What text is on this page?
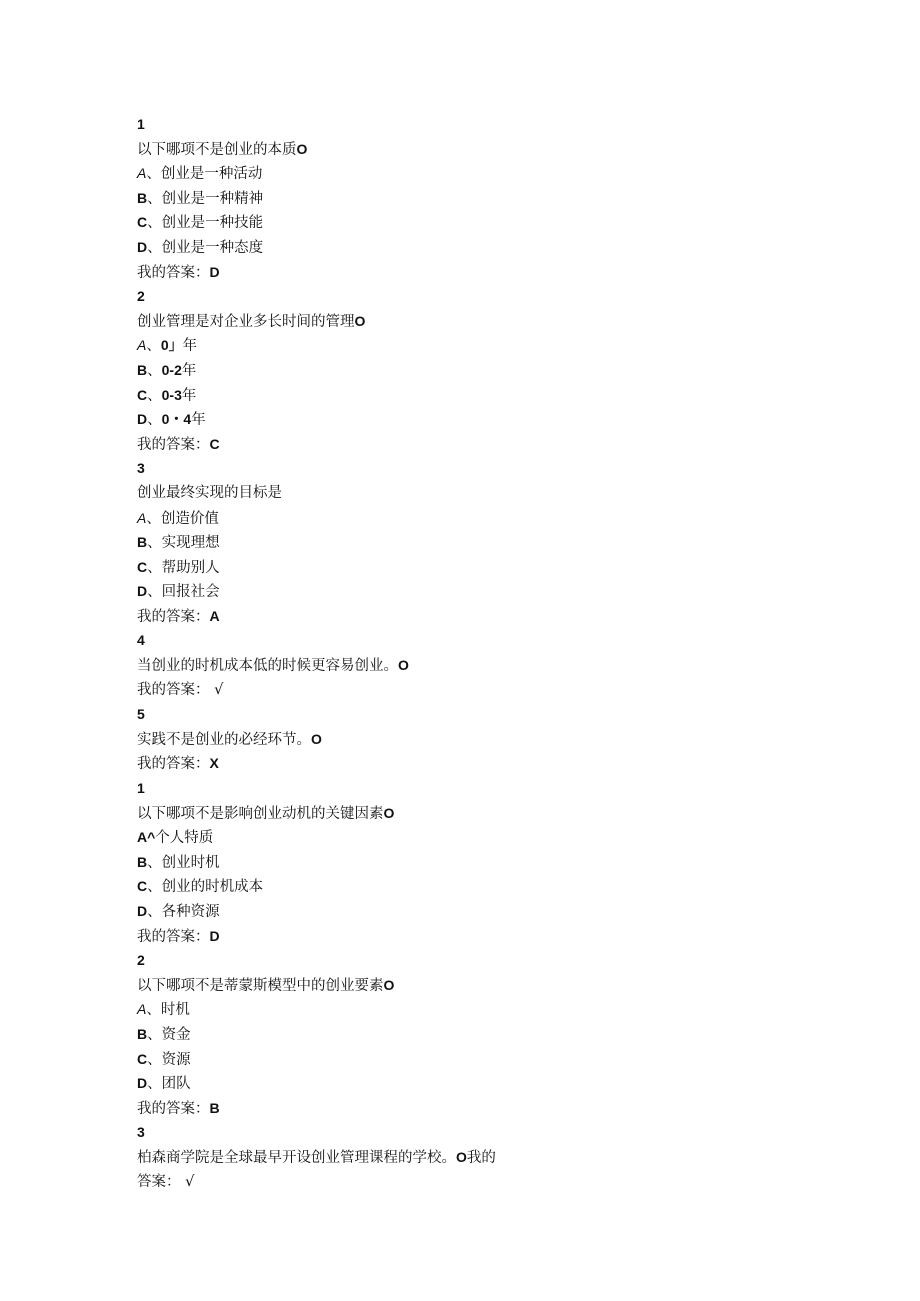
1
以下哪项不是创业的本质O
A、创业是一种活动
B、创业是一种精神
C、创业是一种技能
D、创业是一种态度
我的答案：D
2
创业管理是对企业多长时间的管理O
A、0」年
B、0-2年
C、0-3年
D、0・4年
我的答案：C
3
创业最终实现的目标是
A、创造价值
B、实现理想
C、帮助别人
D、回报社会
我的答案：A
4
当创业的时机成本低的时候更容易创业。O
我的答案： √
5
实践不是创业的必经环节。O
我的答案：X
1
以下哪项不是影响创业动机的关键因素O
A^个人特质
B、创业时机
C、创业的时机成本
D、各种资源
我的答案：D
2
以下哪项不是蒂蒙斯模型中的创业要素O
A、时机
B、资金
C、资源
D、团队
我的答案：B
3
柏森商学院是全球最早开设创业管理课程的学校。O我的
答案： √
